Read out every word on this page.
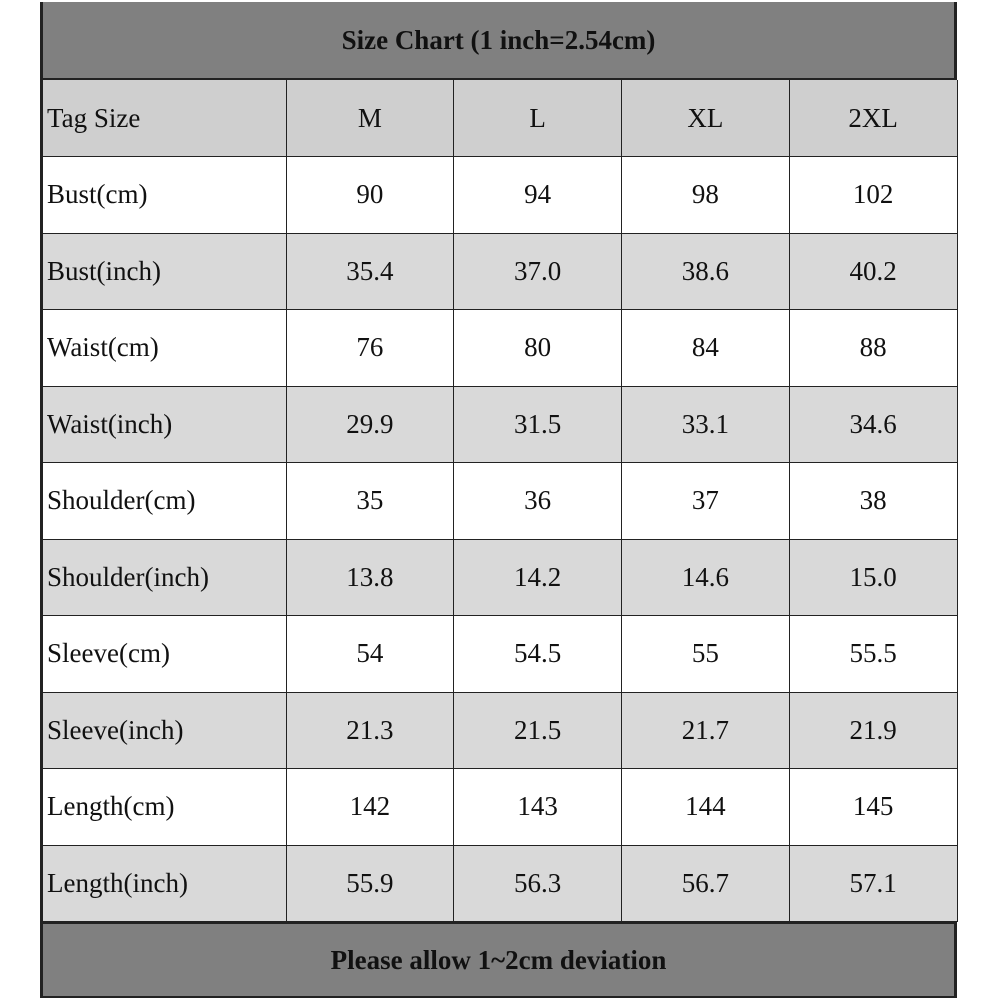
Size Chart (1 inch=2.54cm)
Tag Size	M	L	XL	2XL
Bust(cm)	90	94	98	102
Bust(inch)	35.4	37.0	38.6	40.2
Waist(cm)	76	80	84	88
Waist(inch)	29.9	31.5	33.1	34.6
Shoulder(cm)	35	36	37	38
Shoulder(inch)	13.8	14.2	14.6	15.0
Sleeve(cm)	54	54.5	55	55.5
Sleeve(inch)	21.3	21.5	21.7	21.9
Length(cm)	142	143	144	145
Length(inch)	55.9	56.3	56.7	57.1
Please allow 1~2cm deviation
